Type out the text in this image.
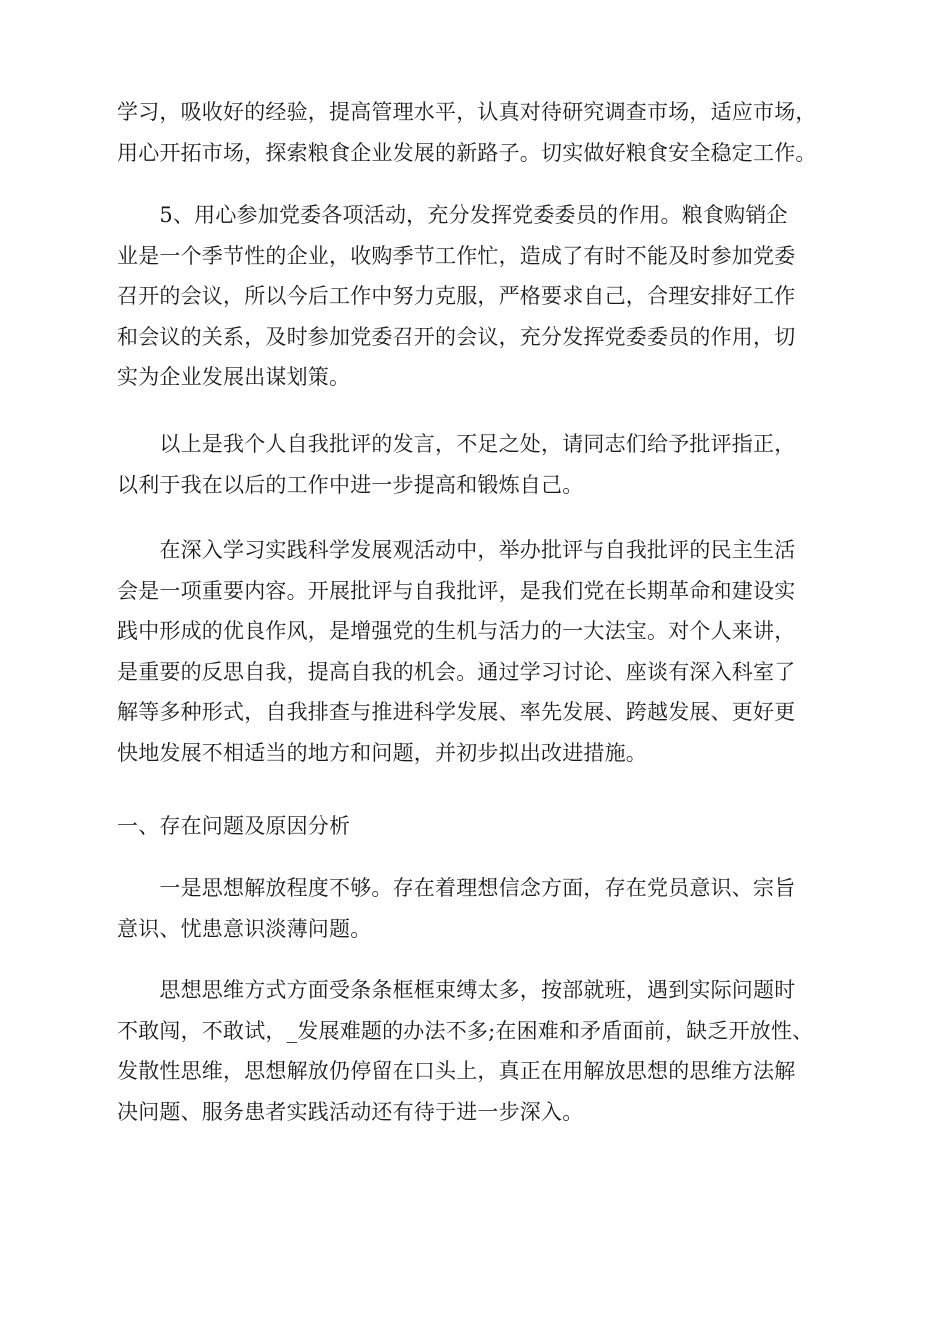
学习，吸收好的经验，提高管理水平，认真对待研究调查市场，适应市场，
用心开拓市场，探索粮食企业发展的新路子。切实做好粮食安全稳定工作。
　　5、用心参加党委各项活动，充分发挥党委委员的作用。粮食购销企
业是一个季节性的企业，收购季节工作忙，造成了有时不能及时参加党委
召开的会议，所以今后工作中努力克服，严格要求自己，合理安排好工作
和会议的关系，及时参加党委召开的会议，充分发挥党委委员的作用，切
实为企业发展出谋划策。
　　以上是我个人自我批评的发言，不足之处，请同志们给予批评指正，
以利于我在以后的工作中进一步提高和锻炼自己。
　　在深入学习实践科学发展观活动中，举办批评与自我批评的民主生活
会是一项重要内容。开展批评与自我批评，是我们党在长期革命和建设实
践中形成的优良作风，是增强党的生机与活力的一大法宝。对个人来讲，
是重要的反思自我，提高自我的机会。通过学习讨论、座谈有深入科室了
解等多种形式，自我排查与推进科学发展、率先发展、跨越发展、更好更
快地发展不相适当的地方和问题，并初步拟出改进措施。
一、存在问题及原因分析
　　一是思想解放程度不够。存在着理想信念方面，存在党员意识、宗旨
意识、忧患意识淡薄问题。
　　思想思维方式方面受条条框框束缚太多，按部就班，遇到实际问题时
不敢闯，不敢试，_发展难题的办法不多;在困难和矛盾面前，缺乏开放性、
发散性思维，思想解放仍停留在口头上，真正在用解放思想的思维方法解
决问题、服务患者实践活动还有待于进一步深入。
